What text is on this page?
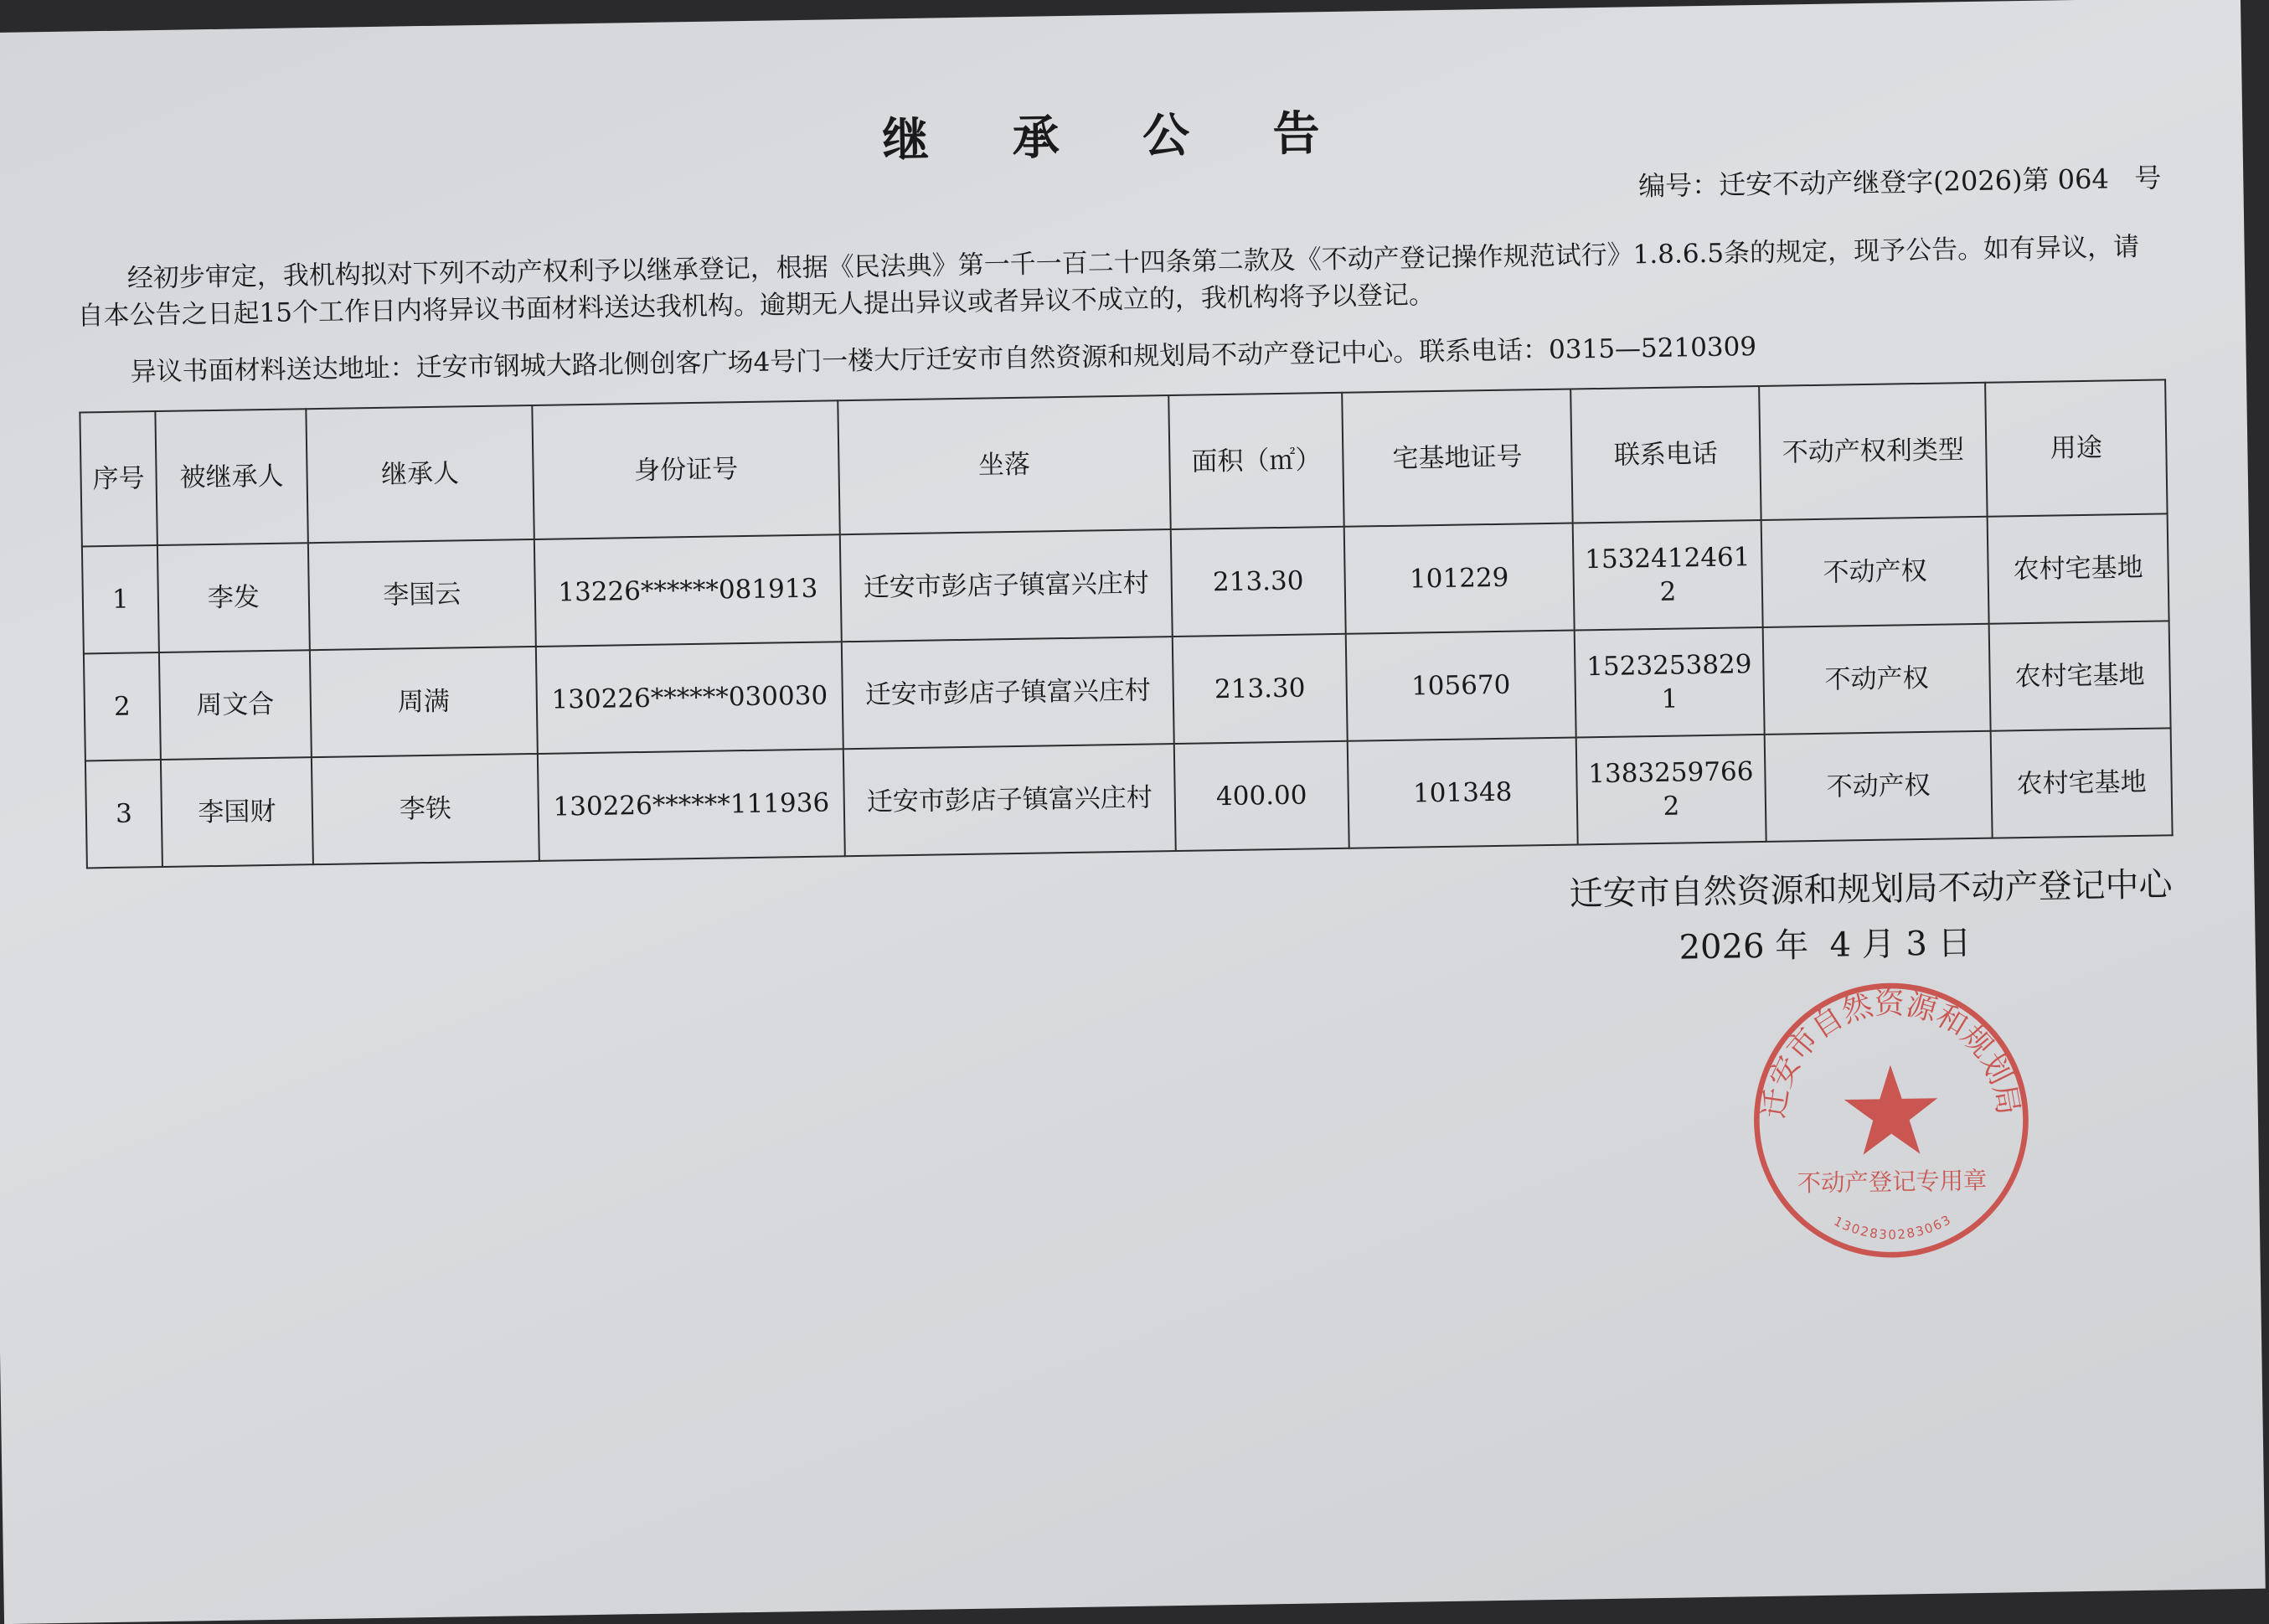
继 承 公 告
编号：迁安不动产继登字(2026)第 064   号
经初步审定，我机构拟对下列不动产权利予以继承登记，根据《民法典》第一千一百二十四条第二款及《不动产登记操作规范试行》1.8.6.5条的规定，现予公告。如有异议，请自本公告之日起15个工作日内将异议书面材料送达我机构。逾期无人提出异议或者异议不成立的，我机构将予以登记。
异议书面材料送达地址：迁安市钢城大路北侧创客广场4号门一楼大厅迁安市自然资源和规划局不动产登记中心。联系电话：0315—5210309
序号	被继承人	继承人	身份证号	坐落	面积（㎡）	宅基地证号	联系电话	不动产权利类型	用途
1	李发	李国云	13226******081913	迁安市彭店子镇富兴庄村	213.30	101229	15324124612	不动产权	农村宅基地
2	周文合	周满	130226******030030	迁安市彭店子镇富兴庄村	213.30	105670	15232538291	不动产权	农村宅基地
3	李国财	李铁	130226******111936	迁安市彭店子镇富兴庄村	400.00	101348	13832597662	不动产权	农村宅基地
迁安市自然资源和规划局不动产登记中心
2026 年  4 月 3 日
迁安市自然资源和规划局
不动产登记专用章
1302830283063
